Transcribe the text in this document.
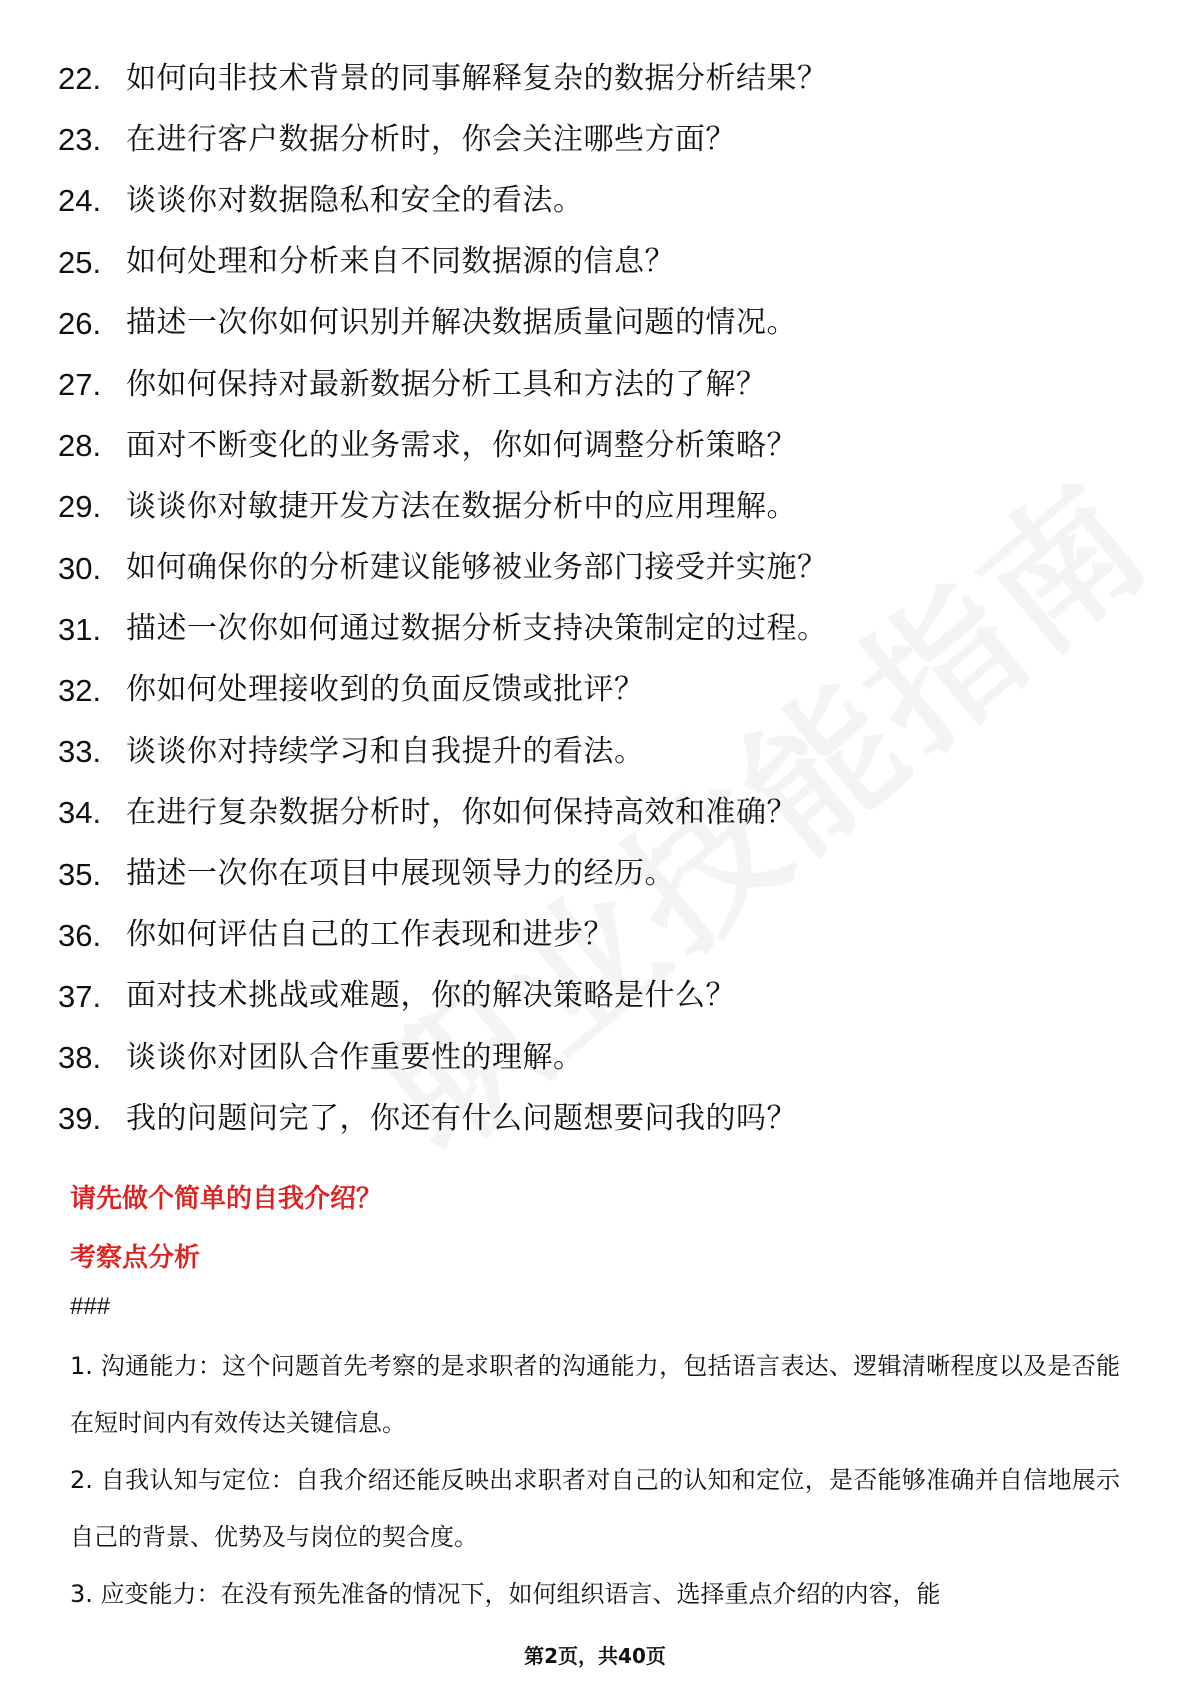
22. 如何向非技术背景的同事解释复杂的数据分析结果？
23. 在进行客户数据分析时，你会关注哪些方面？
24. 谈谈你对数据隐私和安全的看法。
25. 如何处理和分析来自不同数据源的信息？
26. 描述一次你如何识别并解决数据质量问题的情况。
27. 你如何保持对最新数据分析工具和方法的了解？
28. 面对不断变化的业务需求，你如何调整分析策略？
29. 谈谈你对敏捷开发方法在数据分析中的应用理解。
30. 如何确保你的分析建议能够被业务部门接受并实施？
31. 描述一次你如何通过数据分析支持决策制定的过程。
32. 你如何处理接收到的负面反馈或批评？
33. 谈谈你对持续学习和自我提升的看法。
34. 在进行复杂数据分析时，你如何保持高效和准确？
35. 描述一次你在项目中展现领导力的经历。
36. 你如何评估自己的工作表现和进步？
37. 面对技术挑战或难题，你的解决策略是什么？
38. 谈谈你对团队合作重要性的理解。
39. 我的问题问完了，你还有什么问题想要问我的吗？
请先做个简单的自我介绍？
考察点分析
###

1. 沟通能力：这个问题首先考察的是求职者的沟通能力，包括语言表达、逻辑清晰程度以及是否能在短时间内有效传达关键信息。

2. 自我认知与定位：自我介绍还能反映出求职者对自己的认知和定位，是否能够准确并自信地展示自己的背景、优势及与岗位的契合度。

3. 应变能力：在没有预先准备的情况下，如何组织语言、选择重点介绍的内容，能

第2页，共40页
